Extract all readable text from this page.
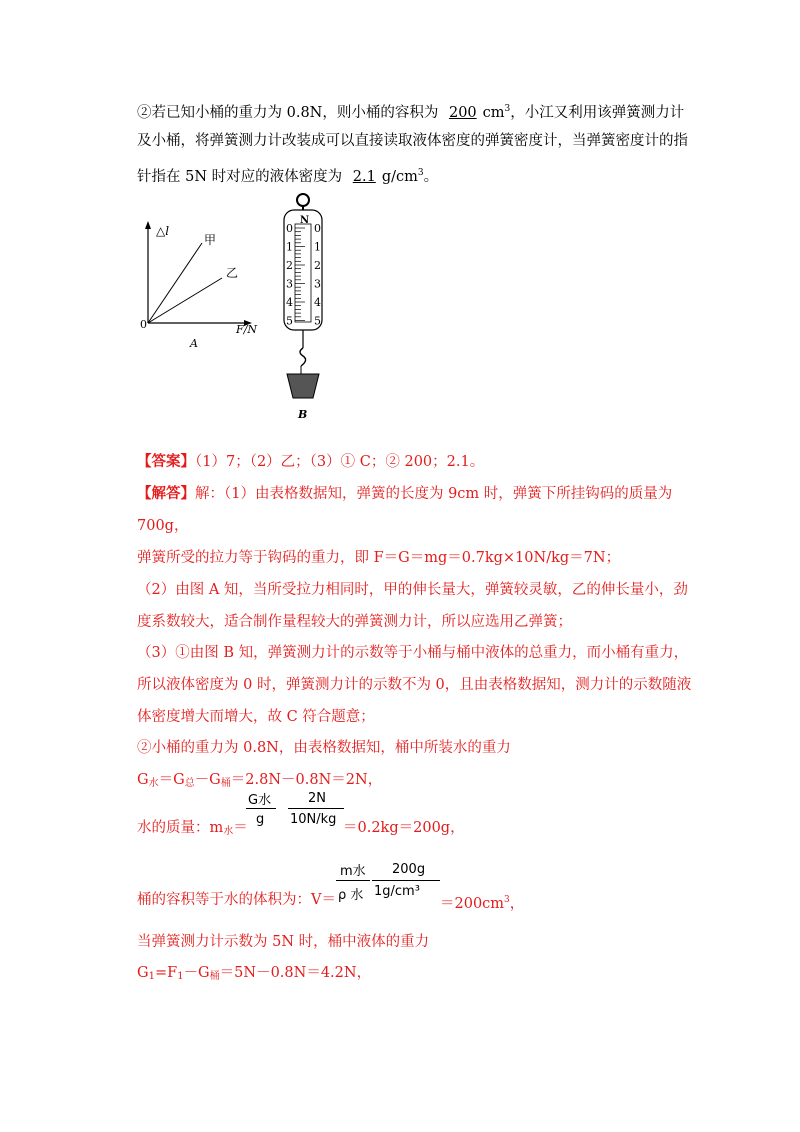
②若已知小桶的重力为 0.8N，则小桶的容积为 200 $cm^3$，小江又利用该弹簧测力计
及小桶，将弹簧测力计改装成可以直接读取液体密度的弹簧密度计，当弹簧密度计的指
针指在 5N 时对应的液体密度为 2.1 $g/cm^3$。
△l
甲
乙
0	F/N
A
N
0 0
1 1
2 2
3 3
4 4
5 5
B
【答案】（1）7；（2）乙；（3）① C；② 200；2.1。
【解答】解：（1）由表格数据知，弹簧的长度为 9cm 时，弹簧下所挂钩码的质量为
700g，
弹簧所受的拉力等于钩码的重力，即 F＝G＝mg＝0.7kg×10N/kg＝7N；
（2）由图 A 知，当所受拉力相同时，甲的伸长量大，弹簧较灵敏，乙的伸长量小，劲
度系数较大，适合制作量程较大的弹簧测力计，所以应选用乙弹簧；
（3）①由图 B 知，弹簧测力计的示数等于小桶与桶中液体的总重力，而小桶有重力，
所以液体密度为 0 时，弹簧测力计的示数不为 0，且由表格数据知，测力计的示数随液
体密度增大而增大，故 C 符合题意；
②小桶的重力为 0.8N，由表格数据知，桶中所装水的重力
$G_水=G_总-G_桶=2.8N-0.8N=2N$，
水的质量：$m_水=$
G水
g
2N
10N/kg
＝0.2kg＝200g，
桶的容积等于水的体积为：V＝
m水
ρ 水
200g
1g/cm³
$=200cm^3$，
当弹簧测力计示数为 5N 时，桶中液体的重力
$G_1=F_1-G_桶=5N-0.8N=4.2N$，
